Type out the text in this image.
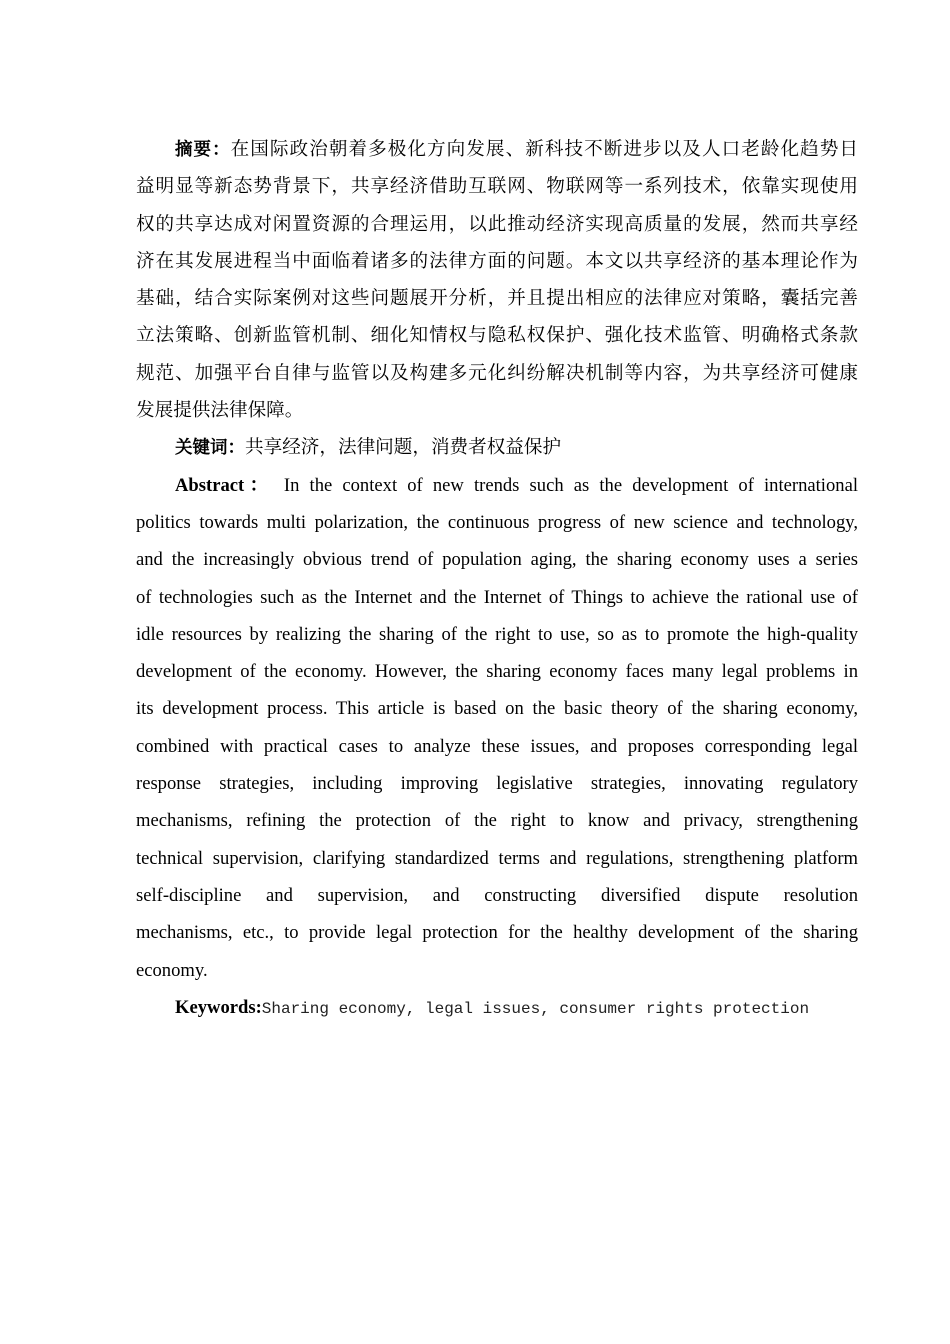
摘要：在国际政治朝着多极化方向发展、新科技不断进步以及人口老龄化趋势日
益明显等新态势背景下，共享经济借助互联网、物联网等一系列技术，依靠实现使用
权的共享达成对闲置资源的合理运用，以此推动经济实现高质量的发展，然而共享经
济在其发展进程当中面临着诸多的法律方面的问题。本文以共享经济的基本理论作为
基础，结合实际案例对这些问题展开分析，并且提出相应的法律应对策略，囊括完善
立法策略、创新监管机制、细化知情权与隐私权保护、强化技术监管、明确格式条款
规范、加强平台自律与监管以及构建多元化纠纷解决机制等内容，为共享经济可健康
发展提供法律保障。
关键词：共享经济，法律问题，消费者权益保护
Abstract： In the context of new trends such as the development of international
politics towards multi polarization, the continuous progress of new science and technology,
and the increasingly obvious trend of population aging, the sharing economy uses a series
of technologies such as the Internet and the Internet of Things to achieve the rational use of
idle resources by realizing the sharing of the right to use, so as to promote the high-quality
development of the economy. However, the sharing economy faces many legal problems in
its development process. This article is based on the basic theory of the sharing economy,
combined with practical cases to analyze these issues, and proposes corresponding legal
response strategies, including improving legislative strategies, innovating regulatory
mechanisms, refining the protection of the right to know and privacy, strengthening
technical supervision, clarifying standardized terms and regulations, strengthening platform
self-discipline and supervision, and constructing diversified dispute resolution
mechanisms, etc., to provide legal protection for the healthy development of the sharing
economy.
Keywords:Sharing economy, legal issues, consumer rights protection
